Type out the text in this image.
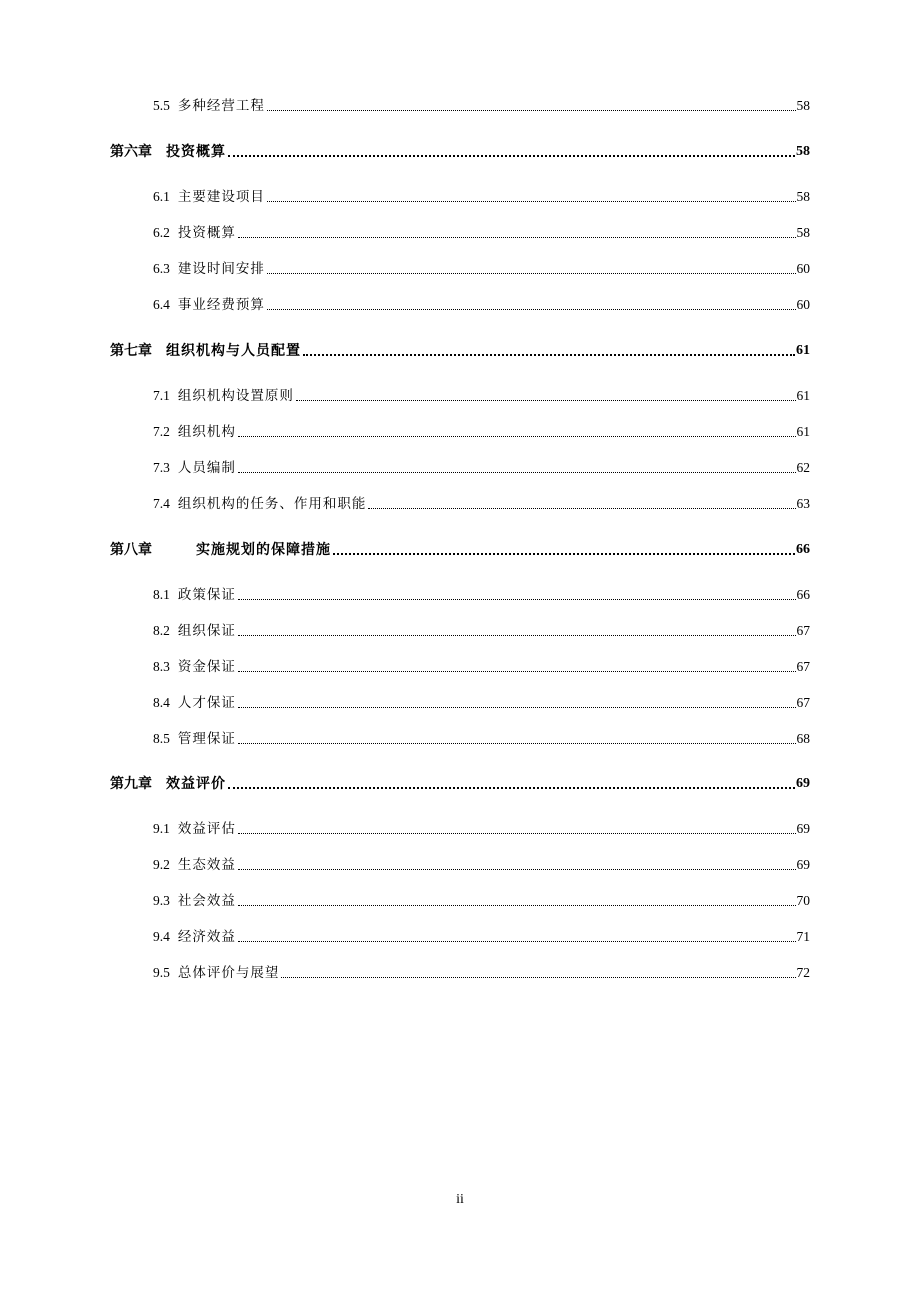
5.5 多种经营工程	58
第六章 投资概算	58
6.1 主要建设项目	58
6.2 投资概算	58
6.3 建设时间安排	60
6.4 事业经费预算	60
第七章 组织机构与人员配置	61
7.1 组织机构设置原则	61
7.2 组织机构	61
7.3 人员编制	62
7.4 组织机构的任务、作用和职能	63
第八章	实施规划的保障措施	66
8.1 政策保证	66
8.2 组织保证	67
8.3 资金保证	67
8.4 人才保证	67
8.5 管理保证	68
第九章 效益评价	69
9.1 效益评估	69
9.2 生态效益	69
9.3 社会效益	70
9.4 经济效益	71
9.5 总体评价与展望	72
ii
